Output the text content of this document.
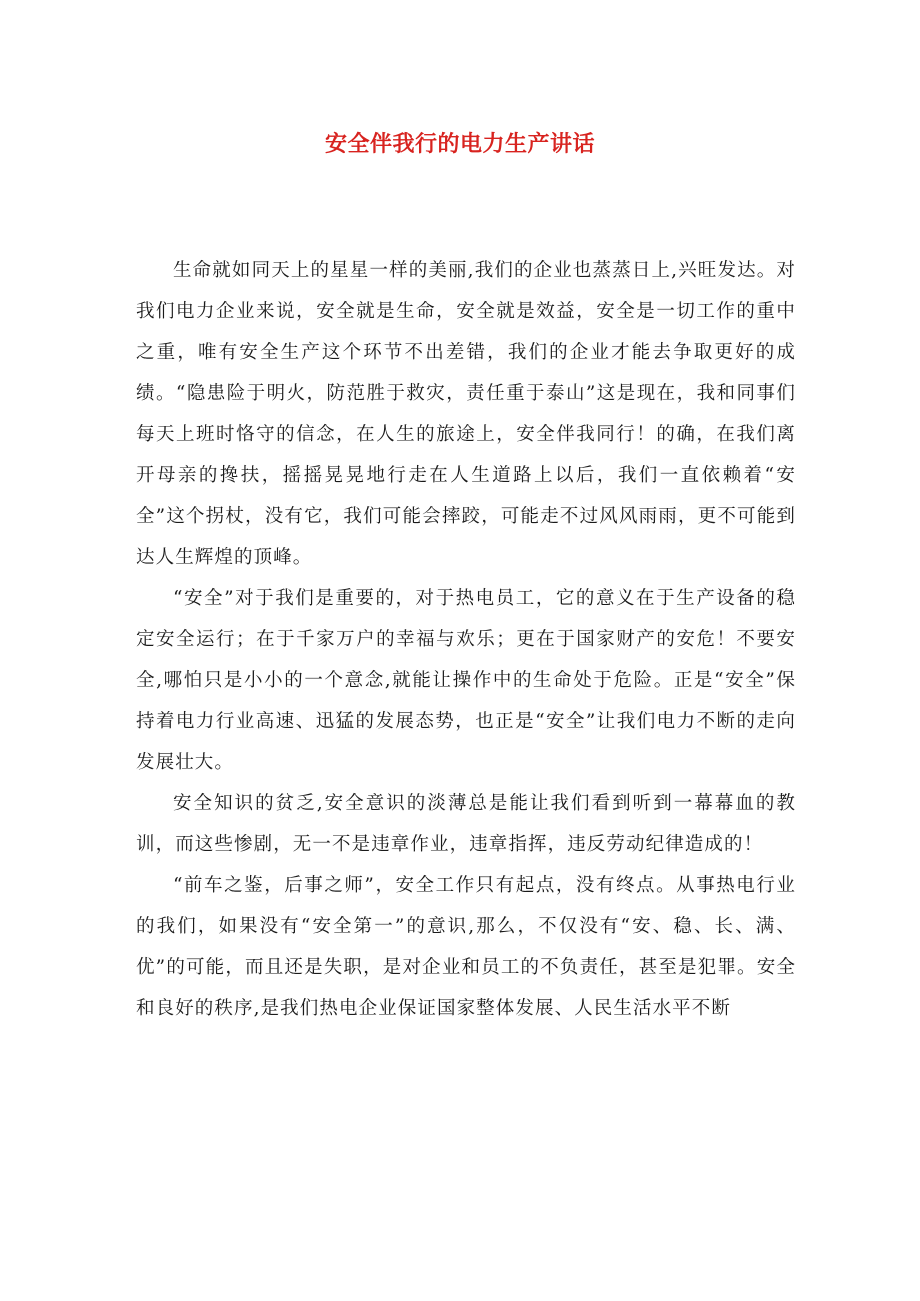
安全伴我行的电力生产讲话

生命就如同天上的星星一样的美丽,我们的企业也蒸蒸日上,兴旺发达。对我们电力企业来说，安全就是生命，安全就是效益，安全是一切工作的重中之重，唯有安全生产这个环节不出差错，我们的企业才能去争取更好的成绩。“隐患险于明火，防范胜于救灾，责任重于泰山”这是现在，我和同事们每天上班时恪守的信念，在人生的旅途上，安全伴我同行！的确，在我们离开母亲的搀扶，摇摇晃晃地行走在人生道路上以后，我们一直依赖着“安全”这个拐杖，没有它，我们可能会摔跤，可能走不过风风雨雨，更不可能到达人生辉煌的顶峰。

“安全”对于我们是重要的，对于热电员工，它的意义在于生产设备的稳定安全运行；在于千家万户的幸福与欢乐；更在于国家财产的安危！不要安全,哪怕只是小小的一个意念,就能让操作中的生命处于危险。正是“安全”保持着电力行业高速、迅猛的发展态势，也正是“安全”让我们电力不断的走向发展壮大。

安全知识的贫乏,安全意识的淡薄总是能让我们看到听到一幕幕血的教训，而这些惨剧，无一不是违章作业，违章指挥，违反劳动纪律造成的！

“前车之鉴，后事之师”，安全工作只有起点，没有终点。从事热电行业的我们，如果没有“安全第一”的意识,那么，不仅没有“安、稳、长、满、优”的可能，而且还是失职，是对企业和员工的不负责任，甚至是犯罪。安全和良好的秩序,是我们热电企业保证国家整体发展、人民生活水平不断
